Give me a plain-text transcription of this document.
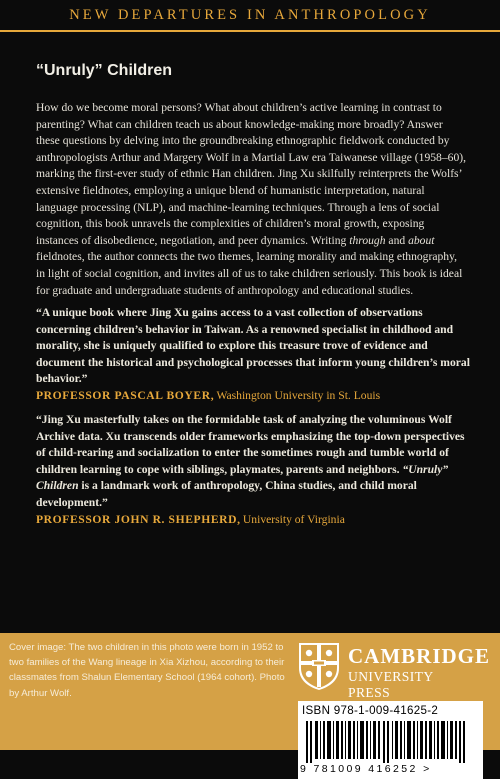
NEW DEPARTURES IN ANTHROPOLOGY
“Unruly” Children

How do we become moral persons? What about children’s active learning in contrast to parenting? What can children teach us about knowledge-making more broadly? Answer these questions by delving into the groundbreaking ethnographic fieldwork conducted by anthropologists Arthur and Margery Wolf in a Martial Law era Taiwanese village (1958–60), marking the first-ever study of ethnic Han children. Jing Xu skilfully reinterprets the Wolfs’ extensive fieldnotes, employing a unique blend of humanistic interpretation, natural language processing (NLP), and machine-learning techniques. Through a lens of social cognition, this book unravels the complexities of children’s moral growth, exposing instances of disobedience, negotiation, and peer dynamics. Writing through and about fieldnotes, the author connects the two themes, learning morality and making ethnography, in light of social cognition, and invites all of us to take children seriously. This book is ideal for graduate and undergraduate students of anthropology and educational studies.

“A unique book where Jing Xu gains access to a vast collection of observations concerning children’s behavior in Taiwan. As a renowned specialist in childhood and morality, she is uniquely qualified to explore this treasure trove of evidence and document the historical and psychological processes that inform young children’s moral behavior.”
PROFESSOR PASCAL BOYER, Washington University in St. Louis

“Jing Xu masterfully takes on the formidable task of analyzing the voluminous Wolf Archive data. Xu transcends older frameworks emphasizing the top-down perspectives of child-rearing and socialization to enter the sometimes rough and tumble world of children learning to cope with siblings, playmates, parents and neighbors. “Unruly” Children is a landmark work of anthropology, China studies, and child moral development.”
PROFESSOR JOHN R. SHEPHERD, University of Virginia

Cover image: The two children in this photo were born in 1952 to two families of the Wang lineage in Xia Xizhou, according to their classmates from Shalun Elementary School (1964 cohort). Photo by Arthur Wolf.

CAMBRIDGE
UNIVERSITY PRESS
ISBN 978-1-009-41625-2
9 781009 416252 >
